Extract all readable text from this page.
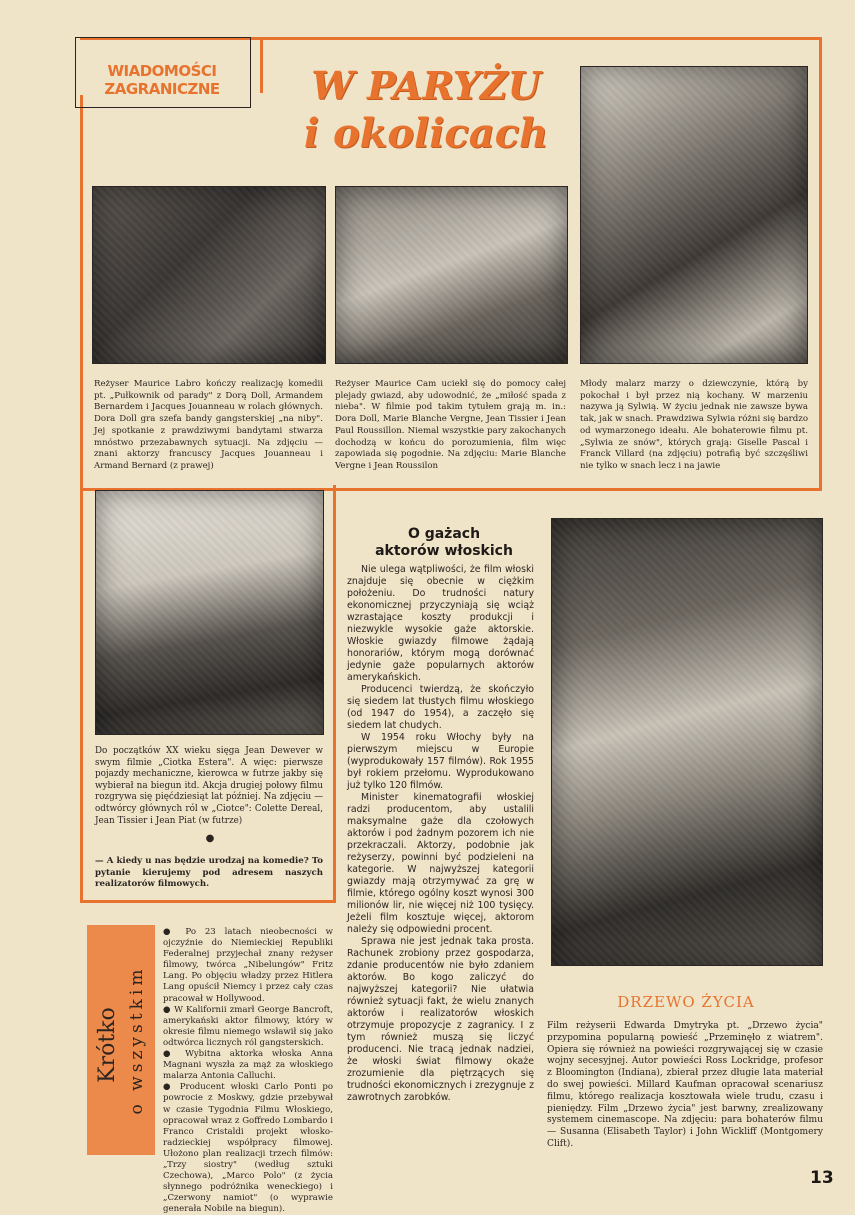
WIADOMOŚCI
ZAGRANICZNE	W PARYŻU
i okolicach
Reżyser Maurice Labro kończy realizację komedii pt. „Pułkownik od parady" z Dorą Doll, Armandem Bernardem i Jacques Jouanneau w rolach głównych. Dora Doll gra szefa bandy gangsterskiej „na niby". Jej spotkanie z prawdziwymi bandytami stwarza mnóstwo przezabawnych sytuacji. Na zdjęciu — znani aktorzy francuscy Jacques Jouanneau i Armand Bernard (z prawej)
Reżyser Maurice Cam uciekł się do pomocy całej plejady gwiazd, aby udowodnić, że „miłość spada z nieba". W filmie pod takim tytułem grają m. in.: Dora Doll, Marie Blanche Vergne, Jean Tissier i Jean Paul Roussillon. Niemal wszystkie pary zakochanych dochodzą w końcu do porozumienia, film więc zapowiada się pogodnie. Na zdjęciu: Marie Blanche Vergne i Jean Roussilon
Młody malarz marzy o dziewczynie, którą by pokochał i był przez nią kochany. W marzeniu nazywa ją Sylwią. W życiu jednak nie zawsze bywa tak, jak w snach. Prawdziwa Sylwia różni się bardzo od wymarzonego ideału. Ale bohaterowie filmu pt. „Sylwia ze snów", których grają: Giselle Pascal i Franck Villard (na zdjęciu) potrafią być szczęśliwi nie tylko w snach lecz i na jawie
Do początków XX wieku sięga Jean Dewever w swym filmie „Ciotka Estera". A więc: pierwsze pojazdy mechaniczne, kierowca w futrze jakby się wybierał na biegun itd. Akcja drugiej połowy filmu rozgrywa się pięćdziesiąt lat później. Na zdjęciu — odtwórcy głównych ról w „Ciotce": Colette Dereal, Jean Tissier i Jean Piat (w futrze)
●
— A kiedy u nas będzie urodzaj na komedie? To pytanie kierujemy pod adresem naszych realizatorów filmowych.
O gażach aktorów włoskich

Nie ulega wątpliwości, że film włoski znajduje się obecnie w ciężkim położeniu. Do trudności natury ekonomicznej przyczyniają się wciąż wzrastające koszty produkcji i niezwykle wysokie gaże aktorskie. Włoskie gwiazdy filmowe żądają honorariów, którym mogą dorównać jedynie gaże popularnych aktorów amerykańskich.

Producenci twierdzą, że skończyło się siedem lat tłustych filmu włoskiego (od 1947 do 1954), a zaczęło się siedem lat chudych.

W 1954 roku Włochy były na pierwszym miejscu w Europie (wyprodukowały 157 filmów). Rok 1955 był rokiem przełomu. Wyprodukowano już tylko 120 filmów.

Minister kinematografii włoskiej radzi producentom, aby ustalili maksymalne gaże dla czołowych aktorów i pod żadnym pozorem ich nie przekraczali. Aktorzy, podobnie jak reżyserzy, powinni być podzieleni na kategorie. W najwyższej kategorii gwiazdy mają otrzymywać za grę w filmie, którego ogólny koszt wynosi 300 milionów lir, nie więcej niż 100 tysięcy. Jeżeli film kosztuje więcej, aktorom należy się odpowiedni procent.

Sprawa nie jest jednak taka prosta. Rachunek zrobiony przez gospodarza, zdanie producentów nie było zdaniem aktorów. Bo kogo zaliczyć do najwyższej kategorii? Nie ułatwia również sytuacji fakt, że wielu znanych aktorów i realizatorów włoskich otrzymuje propozycje z zagranicy. I z tym również muszą się liczyć producenci. Nie tracą jednak nadziei, że włoski świat filmowy okaże zrozumienie dla piętrzących się trudności ekonomicznych i zrezygnuje z zawrotnych zarobków.

DRZEWO ŻYCIA
Film reżyserii Edwarda Dmytryka pt. „Drzewo życia" przypomina popularną powieść „Przeminęło z wiatrem". Opiera się również na powieści rozgrywającej się w czasie wojny secesyjnej. Autor powieści Ross Lockridge, profesor z Bloomington (Indiana), zbierał przez długie lata materiał do swej powieści. Millard Kaufman opracował scenariusz filmu, którego realizacja kosztowała wiele trudu, czasu i pieniędzy. Film „Drzewo życia" jest barwny, zrealizowany systemem cinemascope. Na zdjęciu: para bohaterów filmu — Susanna (Elisabeth Taylor) i John Wickliff (Montgomery Clift).
Krótko o wszystkim

● Po 23 latach nieobecności w ojczyźnie do Niemieckiej Republiki Federalnej przyjechał znany reżyser filmowy, twórca „Nibelungów" Fritz Lang. Po objęciu władzy przez Hitlera Lang opuścił Niemcy i przez cały czas pracował w Hollywood.

● W Kalifornii zmarł George Bancroft, amerykański aktor filmowy, który w okresie filmu niemego wsławił się jako odtwórca licznych ról gangsterskich.

● Wybitna aktorka włoska Anna Magnani wyszła za mąż za włoskiego malarza Antonia Calluchi.

● Producent włoski Carlo Ponti po powrocie z Moskwy, gdzie przebywał w czasie Tygodnia Filmu Włoskiego, opracował wraz z Goffredo Lombardo i Franco Cristaldi projekt włosko-radzieckiej współpracy filmowej. Ułożono plan realizacji trzech filmów: „Trzy siostry" (według sztuki Czechowa), „Marco Polo" (z życia słynnego podróżnika weneckiego) i „Czerwony namiot" (o wyprawie generała Nobile na biegun).

13
